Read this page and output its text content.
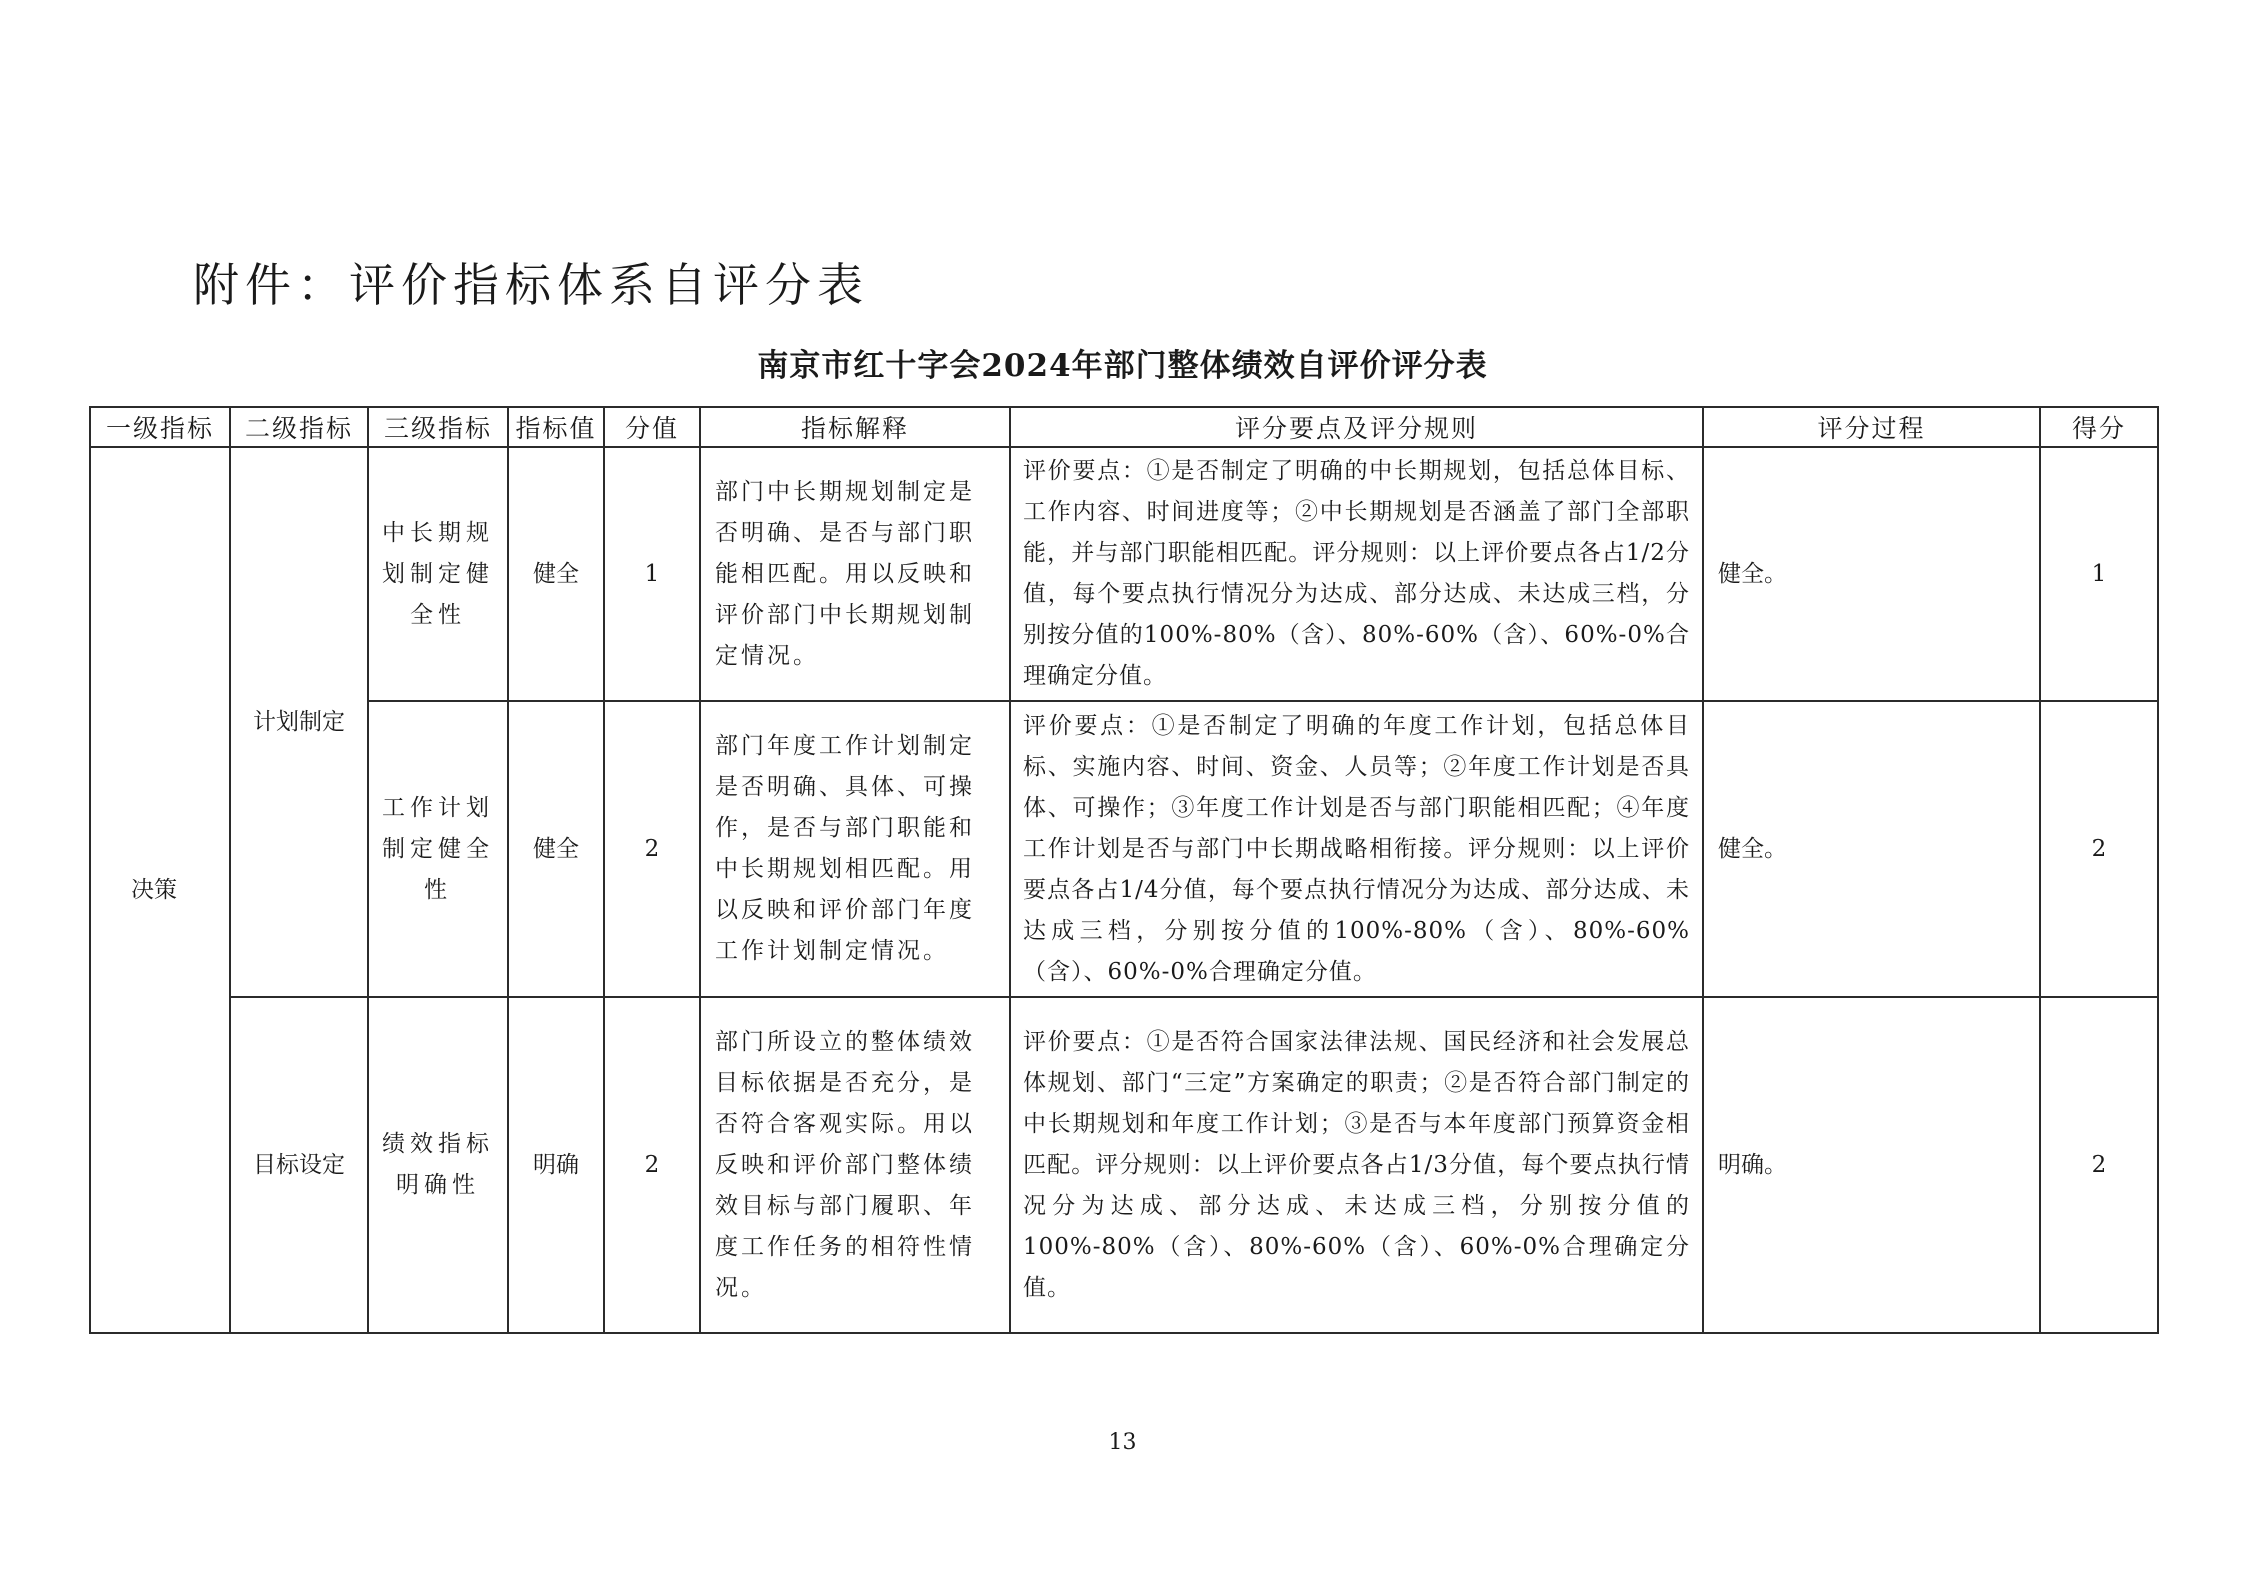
附件：评价指标体系自评分表
南京市红十字会2024年部门整体绩效自评价评分表
一级指标	二级指标	三级指标	指标值	分值	指标解释	评分要点及评分规则	评分过程	得分
决策	计划制定	中长期规划制定健全性	健全	1	部门中长期规划制定是否明确、是否与部门职能相匹配。用以反映和评价部门中长期规划制定情况。	评价要点：①是否制定了明确的中长期规划，包括总体目标、工作内容、时间进度等；②中长期规划是否涵盖了部门全部职能，并与部门职能相匹配。评分规则：以上评价要点各占1/2分值，每个要点执行情况分为达成、部分达成、未达成三档，分别按分值的100%-80%（含）、80%-60%（含）、60%-0%合理确定分值。	健全。	1
		工作计划制定健全性	健全	2	部门年度工作计划制定是否明确、具体、可操作，是否与部门职能和中长期规划相匹配。用以反映和评价部门年度工作计划制定情况。	评价要点：①是否制定了明确的年度工作计划，包括总体目标、实施内容、时间、资金、人员等；②年度工作计划是否具体、可操作；③年度工作计划是否与部门职能相匹配；④年度工作计划是否与部门中长期战略相衔接。评分规则：以上评价要点各占1/4分值，每个要点执行情况分为达成、部分达成、未达成三档，分别按分值的100%-80%（含）、80%-60%（含）、60%-0%合理确定分值。	健全。	2
	目标设定	绩效指标明确性	明确	2	部门所设立的整体绩效目标依据是否充分，是否符合客观实际。用以反映和评价部门整体绩效目标与部门履职、年度工作任务的相符性情况。	评价要点：①是否符合国家法律法规、国民经济和社会发展总体规划、部门“三定”方案确定的职责；②是否符合部门制定的中长期规划和年度工作计划；③是否与本年度部门预算资金相匹配。评分规则：以上评价要点各占1/3分值，每个要点执行情况分为达成、部分达成、未达成三档，分别按分值的100%-80%（含）、80%-60%（含）、60%-0%合理确定分值。	明确。	2
13
